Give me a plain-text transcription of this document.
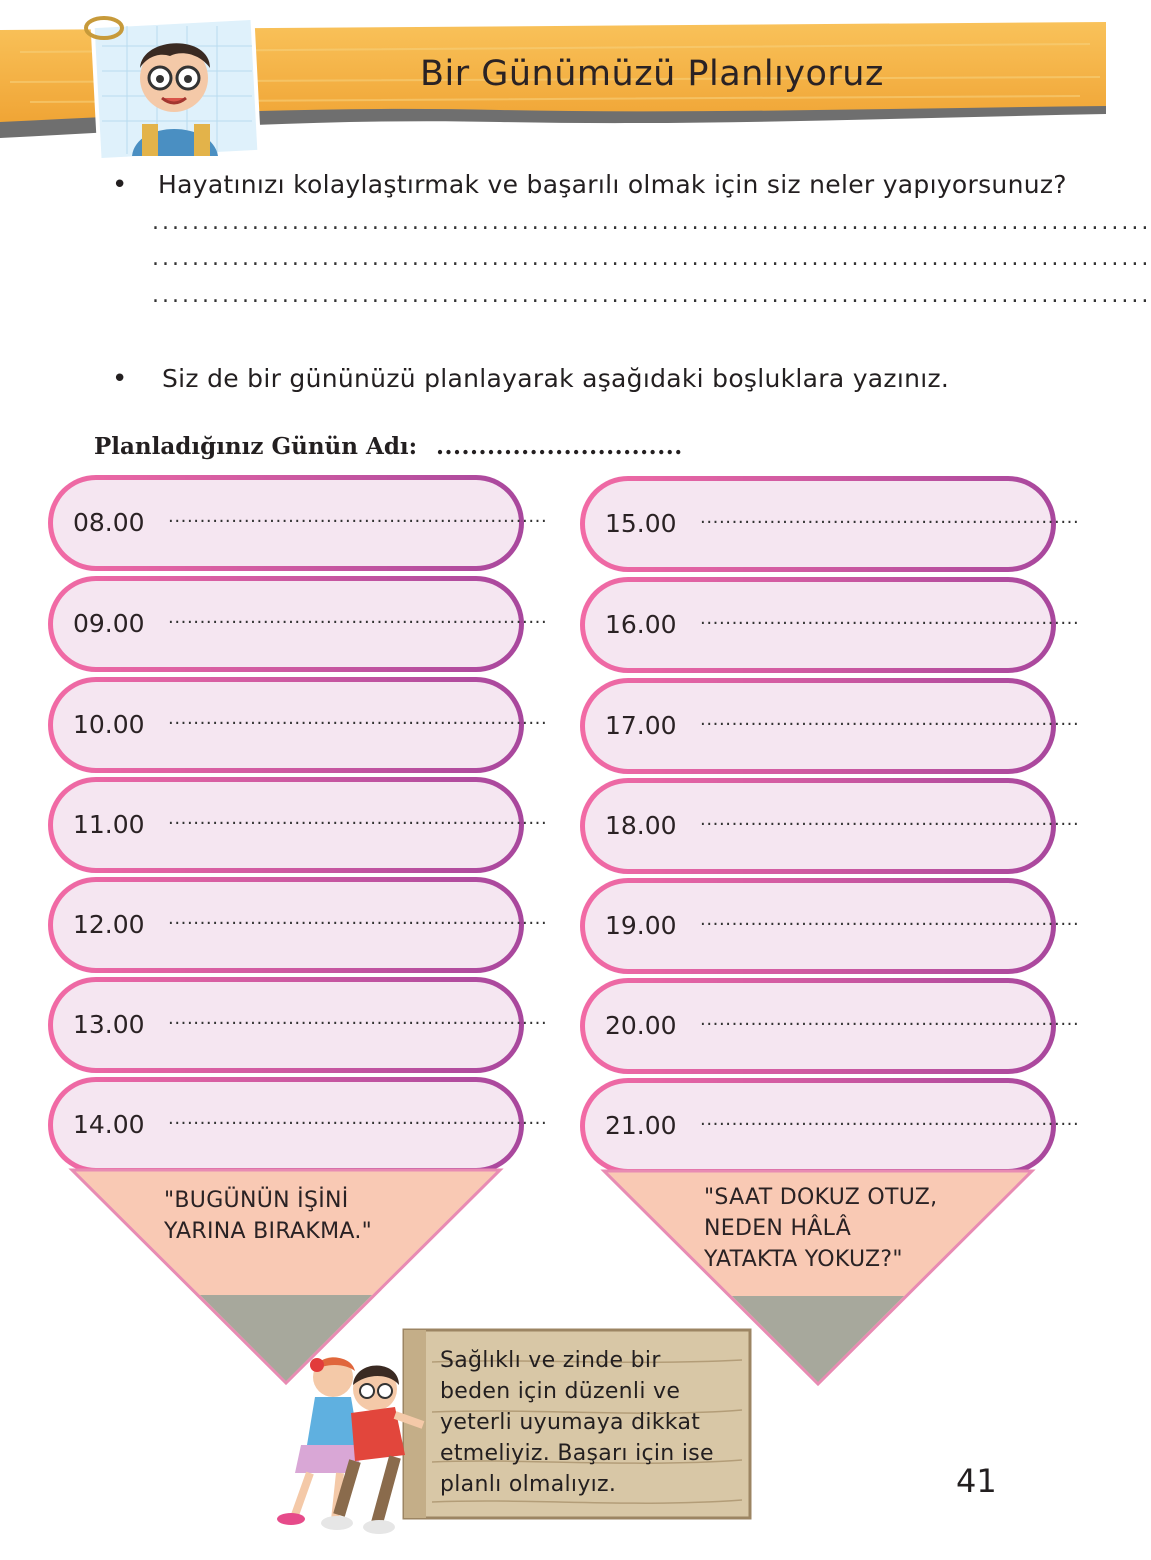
Bir Günümüzü Planlıyoruz
• Hayatınızı kolaylaştırmak ve başarılı olmak için siz neler yapıyorsunuz?
....................................................................................................
....................................................................................................
....................................................................................................
• Siz de bir gününüzü planlayarak aşağıdaki boşluklara yazınız.
Planladığınız Günün Adı: .............................
08.00 ............................................................
09.00 ............................................................
10.00 ............................................................
11.00 ............................................................
12.00 ............................................................
13.00 ............................................................
14.00 ............................................................
"BUGÜNÜN İŞİNİ
YARINA BIRAKMA."
15.00 ............................................................
16.00 ............................................................
17.00 ............................................................
18.00 ............................................................
19.00 ............................................................
20.00 ............................................................
21.00 ............................................................
"SAAT DOKUZ OTUZ,
NEDEN HÂLÂ
YATAKTA YOKUZ?"
Sağlıklı ve zinde bir
beden için düzenli ve
yeterli uyumaya dikkat
etmeliyiz. Başarı için ise
planlı olmalıyız.	41
